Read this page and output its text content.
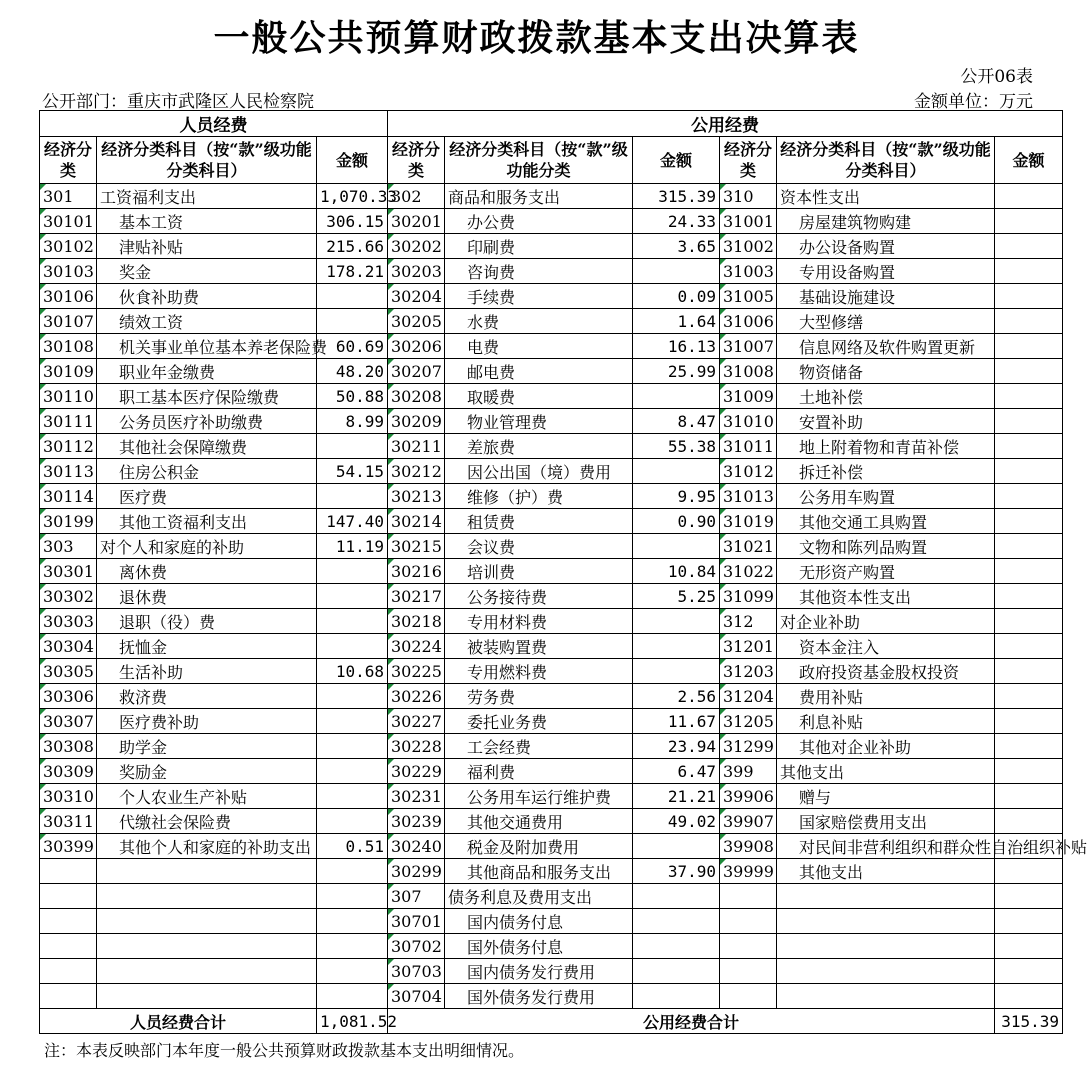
一般公共预算财政拨款基本支出决算表
公开06表
公开部门：重庆市武隆区人民检察院	金额单位：万元
人员经费			公用经费					
经济分类	经济分类科目（按“款”级功能分类科目）	金额	经济分类	经济分类科目（按“款”级功能分类	金额	经济分类	经济分类科目（按“款”级功能分类科目）	金额
301	工资福利支出	1,070.33	302	商品和服务支出	315.39	310	资本性支出	
30101	基本工资	306.15	30201	办公费	24.33	31001	房屋建筑物购建	
30102	津贴补贴	215.66	30202	印刷费	3.65	31002	办公设备购置	
30103	奖金	178.21	30203	咨询费		31003	专用设备购置	
30106	伙食补助费		30204	手续费	0.09	31005	基础设施建设	
30107	绩效工资		30205	水费	1.64	31006	大型修缮	
30108	机关事业单位基本养老保险费	60.69	30206	电费	16.13	31007	信息网络及软件购置更新	
30109	职业年金缴费	48.20	30207	邮电费	25.99	31008	物资储备	
30110	职工基本医疗保险缴费	50.88	30208	取暖费		31009	土地补偿	
30111	公务员医疗补助缴费	8.99	30209	物业管理费	8.47	31010	安置补助	
30112	其他社会保障缴费		30211	差旅费	55.38	31011	地上附着物和青苗补偿	
30113	住房公积金	54.15	30212	因公出国（境）费用		31012	拆迁补偿	
30114	医疗费		30213	维修（护）费	9.95	31013	公务用车购置	
30199	其他工资福利支出	147.40	30214	租赁费	0.90	31019	其他交通工具购置	
303	对个人和家庭的补助	11.19	30215	会议费		31021	文物和陈列品购置	
30301	离休费		30216	培训费	10.84	31022	无形资产购置	
30302	退休费		30217	公务接待费	5.25	31099	其他资本性支出	
30303	退职（役）费		30218	专用材料费		312	对企业补助	
30304	抚恤金		30224	被装购置费		31201	资本金注入	
30305	生活补助	10.68	30225	专用燃料费		31203	政府投资基金股权投资	
30306	救济费		30226	劳务费	2.56	31204	费用补贴	
30307	医疗费补助		30227	委托业务费	11.67	31205	利息补贴	
30308	助学金		30228	工会经费	23.94	31299	其他对企业补助	
30309	奖励金		30229	福利费	6.47	399	其他支出	
30310	个人农业生产补贴		30231	公务用车运行维护费	21.21	39906	赠与	
30311	代缴社会保险费		30239	其他交通费用	49.02	39907	国家赔偿费用支出	
30399	其他个人和家庭的补助支出	0.51	30240	税金及附加费用		39908	对民间非营利组织和群众性自治组织补贴	
			30299	其他商品和服务支出	37.90	39999	其他支出	
			307	债务利息及费用支出				
			30701	国内债务付息				
			30702	国外债务付息				
			30703	国内债务发行费用				
			30704	国外债务发行费用				
人员经费合计		1,081.52	公用经费合计					315.39
注：本表反映部门本年度一般公共预算财政拨款基本支出明细情况。
